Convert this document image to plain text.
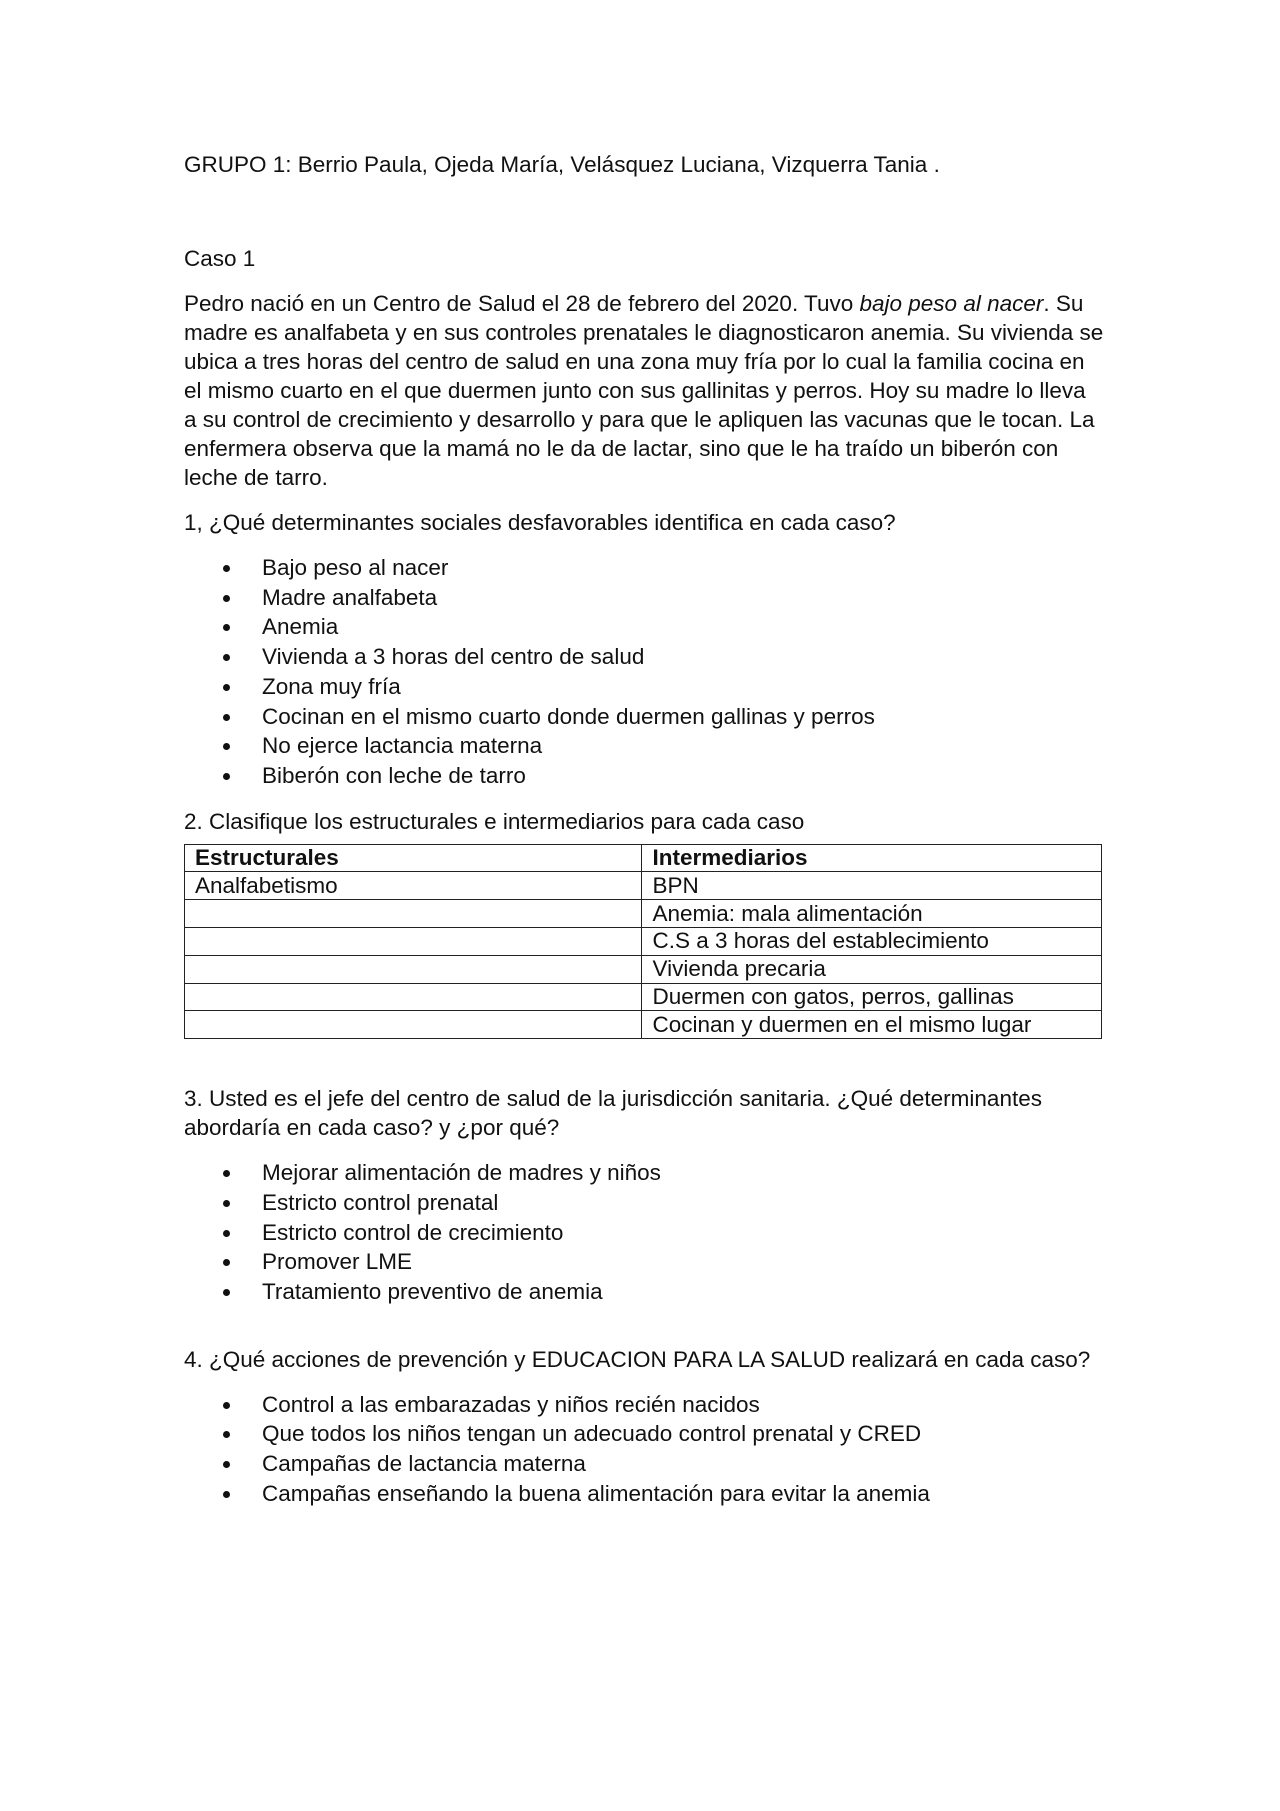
GRUPO 1: Berrio Paula, Ojeda María, Velásquez Luciana, Vizquerra Tania .

Caso 1

Pedro nació en un Centro de Salud el 28 de febrero del 2020. Tuvo bajo peso al nacer. Su madre es analfabeta y en sus controles prenatales le diagnosticaron anemia. Su vivienda se ubica a tres horas del centro de salud en una zona muy fría por lo cual la familia cocina en el mismo cuarto en el que duermen junto con sus gallinitas y perros. Hoy su madre lo lleva a su control de crecimiento y desarrollo y para que le apliquen las vacunas que le tocan. La enfermera observa que la mamá no le da de lactar, sino que le ha traído un biberón con leche de tarro.

1, ¿Qué determinantes sociales desfavorables identifica en cada caso?

Bajo peso al nacer
Madre analfabeta
Anemia
Vivienda a 3 horas del centro de salud
Zona muy fría
Cocinan en el mismo cuarto donde duermen gallinas y perros
No ejerce lactancia materna
Biberón con leche de tarro

2. Clasifique los estructurales e intermediarios para cada caso

Estructurales	Intermediarios
Analfabetismo	BPN
	Anemia: mala alimentación
	C.S a 3 horas del establecimiento
	Vivienda precaria
	Duermen con gatos, perros, gallinas
	Cocinan y duermen en el mismo lugar

3. Usted es el jefe del centro de salud de la jurisdicción sanitaria. ¿Qué determinantes abordaría en cada caso? y ¿por qué?

Mejorar alimentación de madres y niños
Estricto control prenatal
Estricto control de crecimiento
Promover LME
Tratamiento preventivo de anemia

4. ¿Qué acciones de prevención y EDUCACION PARA LA SALUD realizará en cada caso?

Control a las embarazadas y niños recién nacidos
Que todos los niños tengan un adecuado control prenatal y CRED
Campañas de lactancia materna
Campañas enseñando la buena alimentación para evitar la anemia
